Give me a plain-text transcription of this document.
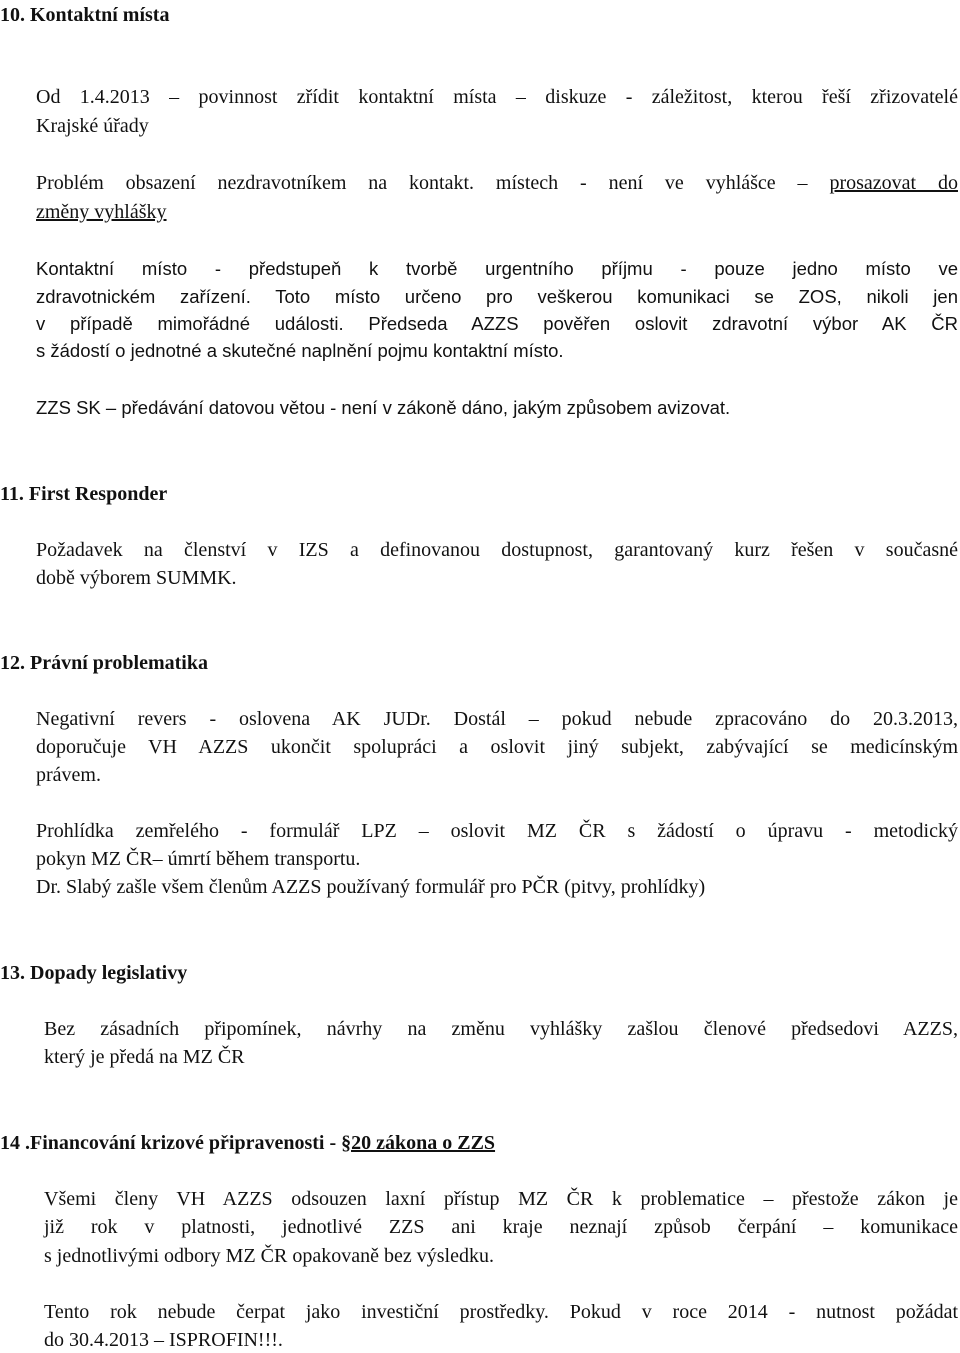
10. Kontaktní místa
Od 1.4.2013 – povinnost zřídit kontaktní místa – diskuze - záležitost, kterou řeší zřizovatelé
Krajské úřady
Problém obsazení nezdravotníkem na kontakt. místech - není ve vyhlášce – prosazovat do
změny vyhlášky
Kontaktní místo - předstupeň k tvorbě urgentního příjmu - pouze jedno místo ve
zdravotnickém zařízení. Toto místo určeno pro veškerou komunikaci se ZOS, nikoli jen
v případě mimořádné události. Předseda AZZS pověřen oslovit zdravotní výbor AK ČR
s žádostí o jednotné a skutečné naplnění pojmu kontaktní místo.
ZZS SK – předávání datovou větou - není v zákoně dáno, jakým způsobem avizovat.
11. First Responder
Požadavek na členství v IZS a definovanou dostupnost, garantovaný kurz řešen v současné
době výborem SUMMK.
12. Právní problematika
Negativní revers - oslovena AK JUDr. Dostál – pokud nebude zpracováno do 20.3.2013,
doporučuje VH AZZS ukončit spolupráci a oslovit jiný subjekt, zabývající se medicínským
právem.
Prohlídka zemřelého - formulář LPZ – oslovit MZ ČR s žádostí o úpravu - metodický
pokyn MZ ČR– úmrtí během transportu.
Dr. Slabý zašle všem členům AZZS používaný formulář pro PČR (pitvy, prohlídky)
13. Dopady legislativy
Bez zásadních připomínek, návrhy na změnu vyhlášky zašlou členové předsedovi AZZS,
který je předá na MZ ČR
14 .Financování krizové připravenosti - §20 zákona o ZZS
Všemi členy VH AZZS odsouzen laxní přístup MZ ČR k problematice – přestože zákon je
již rok v platnosti, jednotlivé ZZS ani kraje neznají způsob čerpání – komunikace
s jednotlivými odbory MZ ČR opakovaně bez výsledku.
Tento rok nebude čerpat jako investiční prostředky. Pokud v roce 2014 - nutnost požádat
do 30.4.2013 – ISPROFIN!!!.
